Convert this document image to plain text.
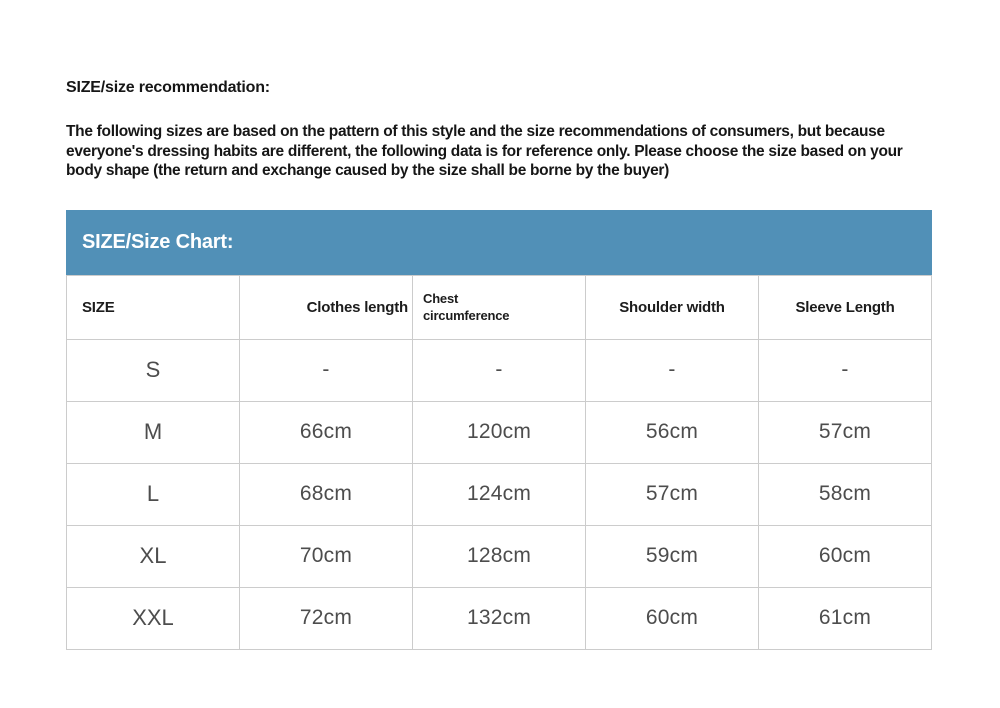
SIZE/size recommendation:

The following sizes are based on the pattern of this style and the size recommendations of consumers, but because everyone's dressing habits are different, the following data is for reference only. Please choose the size based on your body shape (the return and exchange caused by the size shall be borne by the buyer)

SIZE/Size Chart:
SIZE	Clothes length	Chest circumference	Shoulder width	Sleeve Length
S	-	-	-	-
M	66cm	120cm	56cm	57cm
L	68cm	124cm	57cm	58cm
XL	70cm	128cm	59cm	60cm
XXL	72cm	132cm	60cm	61cm
